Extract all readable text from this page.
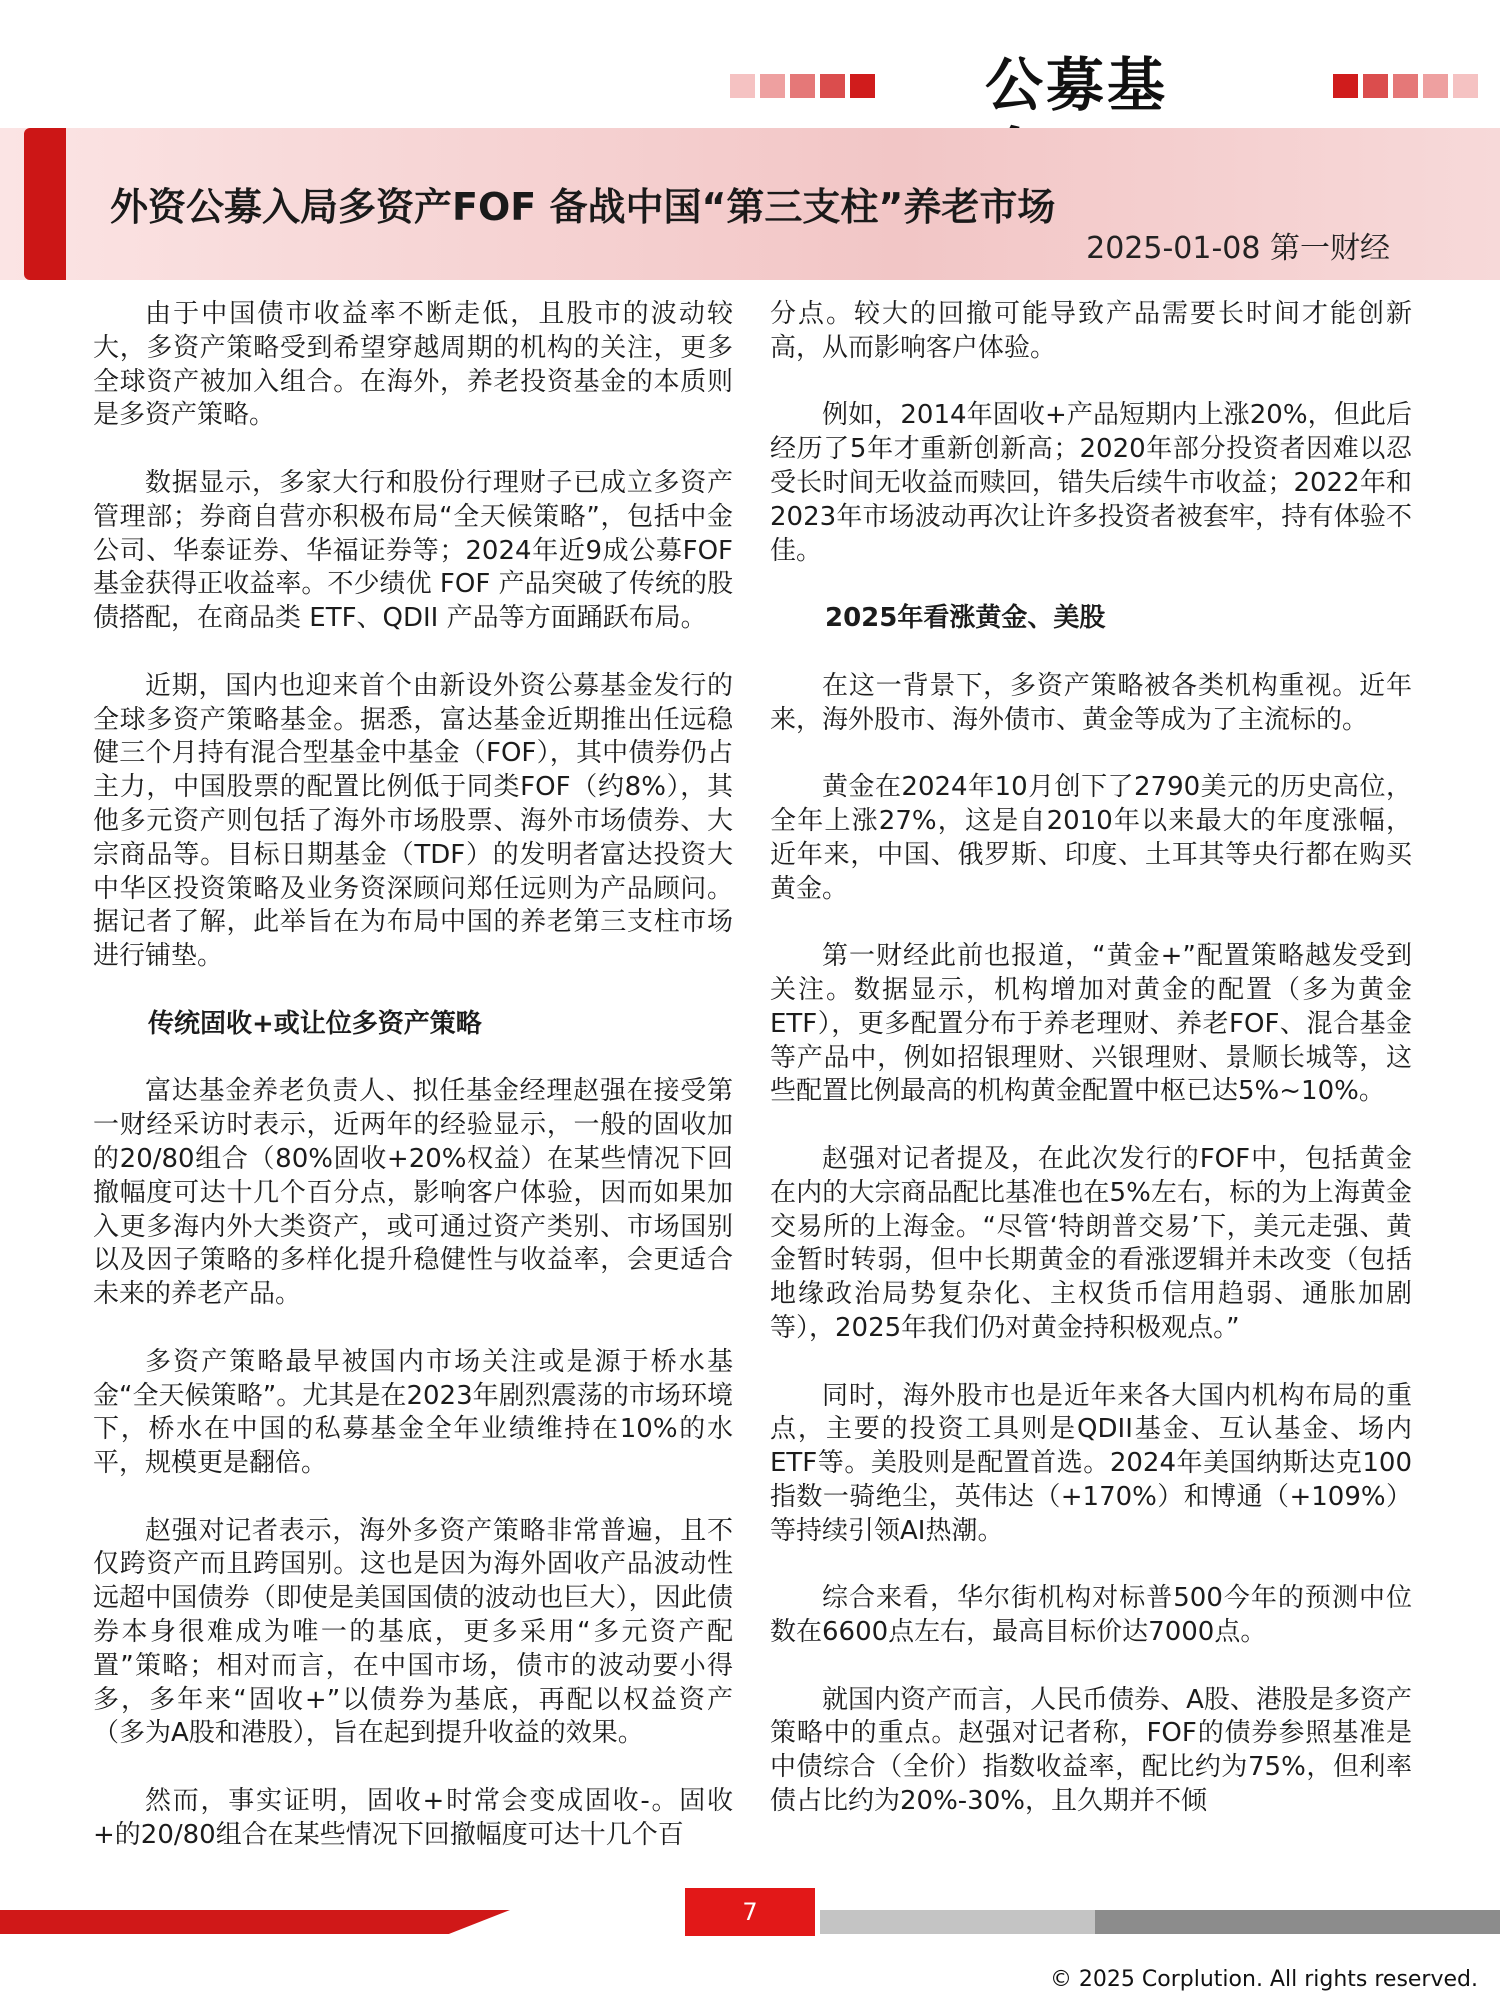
公募基
外资公募入局多资产FOF 备战中国“第三支柱”养老市场
2025-01-08 第一财经

由于中国债市收益率不断走低，且股市的波动较大，多资产策略受到希望穿越周期的机构的关注，更多全球资产被加入组合。在海外，养老投资基金的本质则是多资产策略。

数据显示，多家大行和股份行理财子已成立多资产管理部；券商自营亦积极布局“全天候策略”，包括中金公司、华泰证券、华福证券等；2024年近9成公募FOF 基金获得正收益率。不少绩优 FOF 产品突破了传统的股债搭配，在商品类 ETF、QDII 产品等方面踊跃布局。

近期，国内也迎来首个由新设外资公募基金发行的全球多资产策略基金。据悉，富达基金近期推出任远稳健三个月持有混合型基金中基金（FOF），其中债券仍占主力，中国股票的配置比例低于同类FOF（约8%），其他多元资产则包括了海外市场股票、海外市场债券、大宗商品等。目标日期基金（TDF）的发明者富达投资大中华区投资策略及业务资深顾问郑任远则为产品顾问。据记者了解，此举旨在为布局中国的养老第三支柱市场进行铺垫。

传统固收+或让位多资产策略

富达基金养老负责人、拟任基金经理赵强在接受第一财经采访时表示，近两年的经验显示，一般的固收加的20/80组合（80%固收+20%权益）在某些情况下回撤幅度可达十几个百分点，影响客户体验，因而如果加入更多海内外大类资产，或可通过资产类别、市场国别以及因子策略的多样化提升稳健性与收益率，会更适合未来的养老产品。

多资产策略最早被国内市场关注或是源于桥水基金“全天候策略”。尤其是在2023年剧烈震荡的市场环境下，桥水在中国的私募基金全年业绩维持在10%的水平，规模更是翻倍。

赵强对记者表示，海外多资产策略非常普遍，且不仅跨资产而且跨国别。这也是因为海外固收产品波动性远超中国债券（即使是美国国债的波动也巨大），因此债券本身很难成为唯一的基底，更多采用“多元资产配置”策略；相对而言，在中国市场，债市的波动要小得多，多年来“固收+”以债券为基底，再配以权益资产（多为A股和港股），旨在起到提升收益的效果。

然而，事实证明，固收+时常会变成固收-。固收+的20/80组合在某些情况下回撤幅度可达十几个百

分点。较大的回撤可能导致产品需要长时间才能创新高，从而影响客户体验。

例如，2014年固收+产品短期内上涨20%，但此后经历了5年才重新创新高；2020年部分投资者因难以忍受长时间无收益而赎回，错失后续牛市收益；2022年和2023年市场波动再次让许多投资者被套牢，持有体验不佳。

2025年看涨黄金、美股

在这一背景下，多资产策略被各类机构重视。近年来，海外股市、海外债市、黄金等成为了主流标的。

黄金在2024年10月创下了2790美元的历史高位，全年上涨27%，这是自2010年以来最大的年度涨幅，近年来，中国、俄罗斯、印度、土耳其等央行都在购买黄金。

第一财经此前也报道，“黄金+”配置策略越发受到关注。数据显示，机构增加对黄金的配置（多为黄金ETF），更多配置分布于养老理财、养老FOF、混合基金等产品中，例如招银理财、兴银理财、景顺长城等，这些配置比例最高的机构黄金配置中枢已达5%~10%。

赵强对记者提及，在此次发行的FOF中，包括黄金在内的大宗商品配比基准也在5%左右，标的为上海黄金交易所的上海金。“尽管‘特朗普交易’下，美元走强、黄金暂时转弱，但中长期黄金的看涨逻辑并未改变（包括地缘政治局势复杂化、主权货币信用趋弱、通胀加剧等），2025年我们仍对黄金持积极观点。”

同时，海外股市也是近年来各大国内机构布局的重点，主要的投资工具则是QDII基金、互认基金、场内ETF等。美股则是配置首选。2024年美国纳斯达克100指数一骑绝尘，英伟达（+170%）和博通（+109%）等持续引领AI热潮。

综合来看，华尔街机构对标普500今年的预测中位数在6600点左右，最高目标价达7000点。

就国内资产而言，人民币债券、A股、港股是多资产策略中的重点。赵强对记者称，FOF的债券参照基准是中债综合（全价）指数收益率，配比约为75%，但利率债占比约为20%-30%，且久期并不倾

7
© 2025 Corplution. All rights reserved.
